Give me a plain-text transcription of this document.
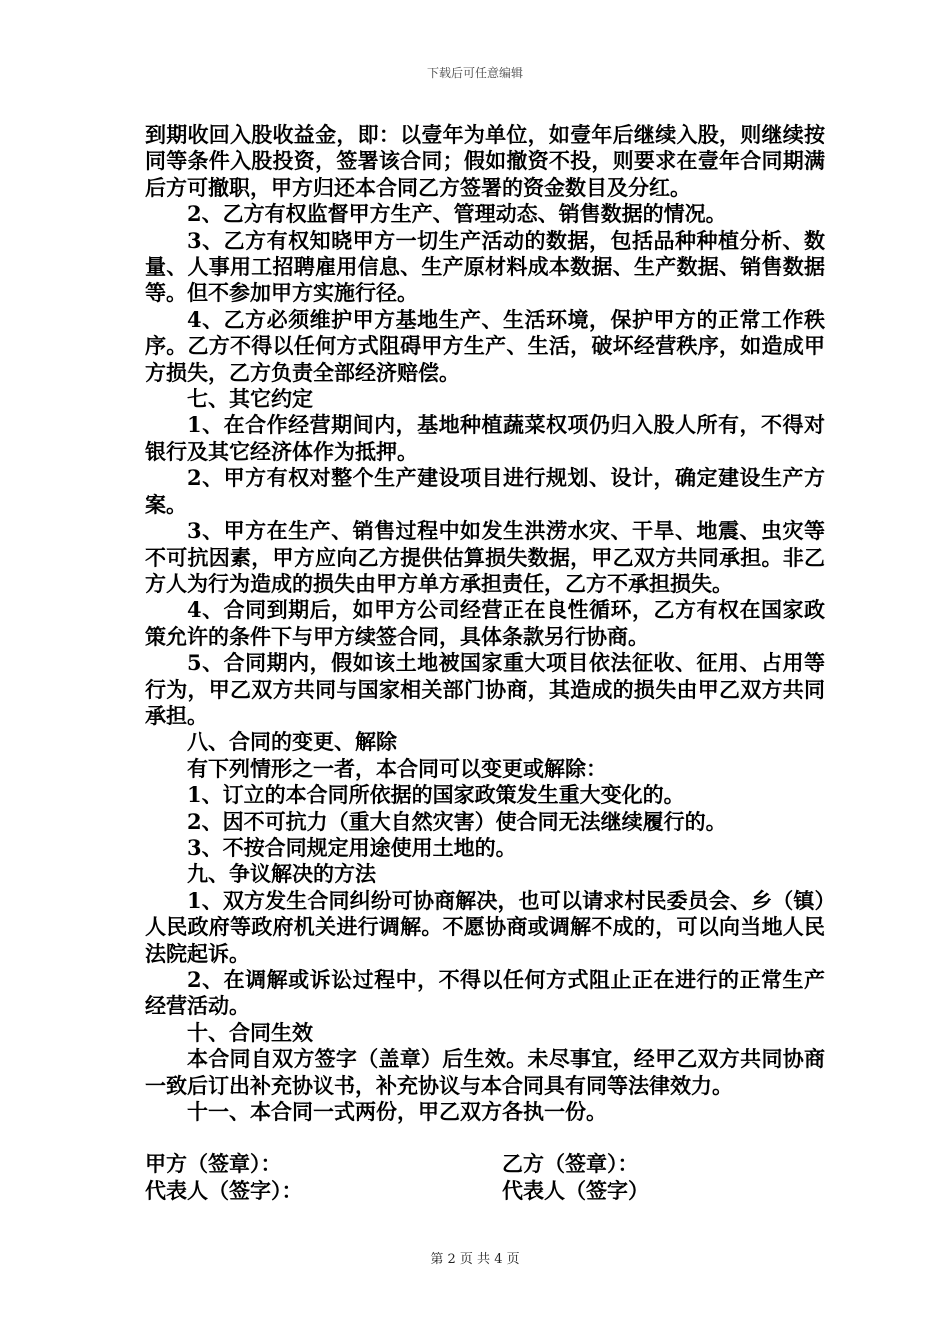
下载后可任意编辑

到期收回入股收益金，即：以壹年为单位，如壹年后继续入股，则继续按同等条件入股投资，签署该合同；假如撤资不投，则要求在壹年合同期满后方可撤职，甲方归还本合同乙方签署的资金数目及分红。

2、乙方有权监督甲方生产、管理动态、销售数据的情况。

3、乙方有权知晓甲方一切生产活动的数据，包括品种种植分析、数量、人事用工招聘雇用信息、生产原材料成本数据、生产数据、销售数据等。但不参加甲方实施行径。

4、乙方必须维护甲方基地生产、生活环境，保护甲方的正常工作秩序。乙方不得以任何方式阻碍甲方生产、生活，破坏经营秩序，如造成甲方损失，乙方负责全部经济赔偿。

七、其它约定

1、在合作经营期间内，基地种植蔬菜权项仍归入股人所有，不得对银行及其它经济体作为抵押。

2、甲方有权对整个生产建设项目进行规划、设计，确定建设生产方案。

3、甲方在生产、销售过程中如发生洪涝水灾、干旱、地震、虫灾等不可抗因素，甲方应向乙方提供估算损失数据，甲乙双方共同承担。非乙方人为行为造成的损失由甲方单方承担责任，乙方不承担损失。

4、合同到期后，如甲方公司经营正在良性循环，乙方有权在国家政策允许的条件下与甲方续签合同，具体条款另行协商。

5、合同期内，假如该土地被国家重大项目依法征收、征用、占用等行为，甲乙双方共同与国家相关部门协商，其造成的损失由甲乙双方共同承担。

八、合同的变更、解除

有下列情形之一者，本合同可以变更或解除：

1、订立的本合同所依据的国家政策发生重大变化的。

2、因不可抗力（重大自然灾害）使合同无法继续履行的。

3、不按合同规定用途使用土地的。

九、争议解决的方法

1、双方发生合同纠纷可协商解决，也可以请求村民委员会、乡（镇）人民政府等政府机关进行调解。不愿协商或调解不成的，可以向当地人民法院起诉。

2、在调解或诉讼过程中，不得以任何方式阻止正在进行的正常生产经营活动。

十、合同生效

本合同自双方签字（盖章）后生效。未尽事宜，经甲乙双方共同协商一致后订出补充协议书，补充协议与本合同具有同等法律效力。

十一、本合同一式两份，甲乙双方各执一份。

甲方（签章）：	乙方（签章）：
代表人（签字）：	代表人（签字）
第 2 页 共 4 页
